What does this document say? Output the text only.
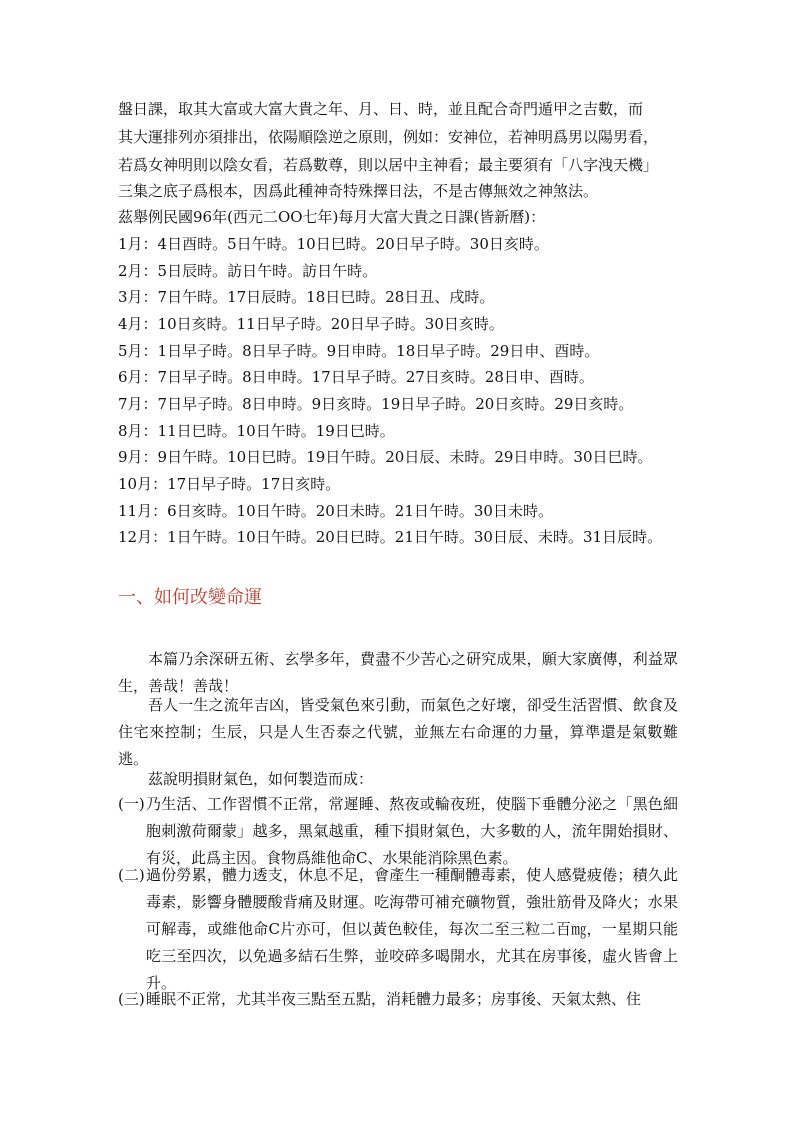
盤日課，取其大富或大富大貴之年、月、日、時，並且配合奇門遁甲之吉數，而
其大運排列亦須排出，依陽順陰逆之原則，例如：安神位，若神明爲男以陽男看，
若爲女神明則以陰女看，若爲數尊，則以居中主神看；最主要須有「八字洩天機」
三集之底子爲根本，因爲此種神奇特殊擇日法，不是古傳無效之神煞法。
茲舉例民國96年(西元二OO七年)每月大富大貴之日課(皆新曆)：
1月：4日酉時。5日午時。10日巳時。20日早子時。30日亥時。
2月：5日辰時。訪日午時。訪日午時。
3月：7日午時。17日辰時。18日巳時。28日丑、戌時。
4月：10日亥時。11日早子時。20日早子時。30日亥時。
5月：1日早子時。8日早子時。9日申時。18日早子時。29日申、酉時。
6月：7日早子時。8日申時。17日早子時。27日亥時。28日申、酉時。
7月：7日早子時。8日申時。9日亥時。19日早子時。20日亥時。29日亥時。
8月：11日巳時。10日午時。19日巳時。
9月：9日午時。10日巳時。19日午時。20日辰、未時。29日申時。30日巳時。
10月：17日早子時。17日亥時。
11月：6日亥時。10日午時。20日未時。21日午時。30日未時。
12月：1日午時。10日午時。20日巳時。21日午時。30日辰、未時。31日辰時。
一、如何改變命運
本篇乃余深研五術、玄學多年，費盡不少苦心之研究成果，願大家廣傳，利益眾生，善哉！善哉！
吾人一生之流年吉凶，皆受氣色來引動，而氣色之好壞，卻受生活習慣、飲食及住宅來控制；生辰，只是人生否泰之代號，並無左右命運的力量，算準還是氣數難逃。
茲說明損財氣色，如何製造而成：
(一) 乃生活、工作習慣不正常，常遲睡、熬夜或輪夜班，使腦下垂體分泌之「黑色細胞刺激荷爾蒙」越多，黑氣越重，種下損財氣色，大多數的人，流年開始損財、有災，此爲主因。食物爲維他命C、水果能消除黑色素。
(二) 過份勞累，體力透支，休息不足，會產生一種酮體毒素，使人感覺疲倦；積久此毒素，影響身體腰酸背痛及財運。吃海帶可補充礦物質，強壯筋骨及降火；水果可解毒，或維他命C片亦可，但以黃色較佳，每次二至三粒二百㎎，一星期只能吃三至四次，以免過多結石生弊，並咬碎多喝開水，尤其在房事後，虛火皆會上升。
(三) 睡眠不正常，尤其半夜三點至五點，消耗體力最多；房事後、天氣太熱、住
